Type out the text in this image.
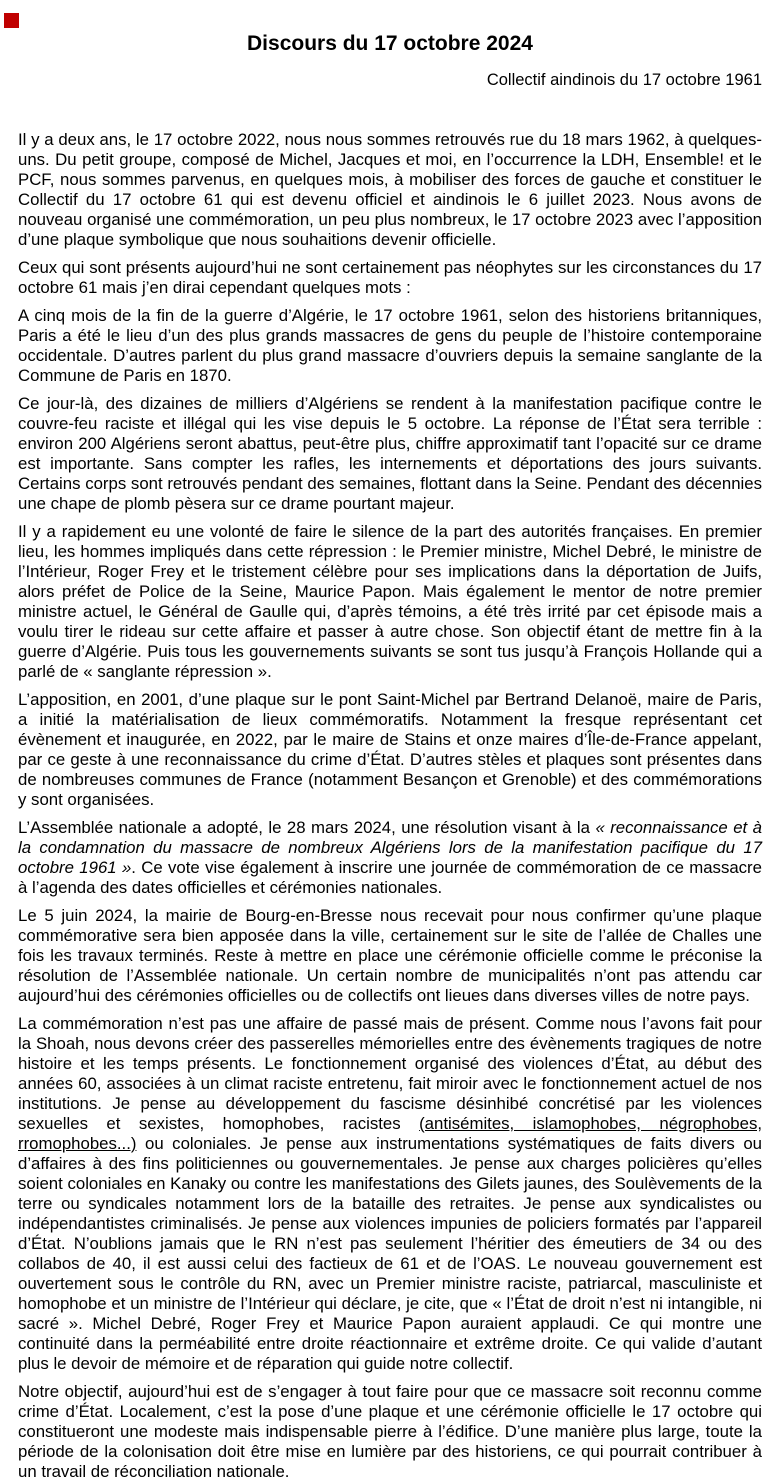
Discours du 17 octobre 2024
Collectif aindinois du 17 octobre 1961

Il y a deux ans, le 17 octobre 2022, nous nous sommes retrouvés rue du 18 mars 1962, à quelques-uns. Du petit groupe, composé de Michel, Jacques et moi, en l’occurrence la LDH, Ensemble! et le PCF, nous sommes parvenus, en quelques mois, à mobiliser des forces de gauche et constituer le Collectif du 17 octobre 61 qui est devenu officiel et aindinois le 6 juillet 2023. Nous avons de nouveau organisé une commémoration, un peu plus nombreux, le 17 octobre 2023 avec l’apposition d’une plaque symbolique que nous souhaitions devenir officielle.

Ceux qui sont présents aujourd’hui ne sont certainement pas néophytes sur les circonstances du 17 octobre 61 mais j’en dirai cependant quelques mots :

A cinq mois de la fin de la guerre d’Algérie, le 17 octobre 1961, selon des historiens britanniques, Paris a été le lieu d’un des plus grands massacres de gens du peuple de l’histoire contemporaine occidentale. D’autres parlent du plus grand massacre d’ouvriers depuis la semaine sanglante de la Commune de Paris en 1870.

Ce jour-là, des dizaines de milliers d’Algériens se rendent à la manifestation pacifique contre le couvre-feu raciste et illégal qui les vise depuis le 5 octobre. La réponse de l’État sera terrible : environ 200 Algériens seront abattus, peut-être plus, chiffre approximatif tant l’opacité sur ce drame est importante. Sans compter les rafles, les internements et déportations des jours suivants. Certains corps sont retrouvés pendant des semaines, flottant dans la Seine. Pendant des décennies une chape de plomb pèsera sur ce drame pourtant majeur.

Il y a rapidement eu une volonté de faire le silence de la part des autorités françaises. En premier lieu, les hommes impliqués dans cette répression : le Premier ministre, Michel Debré, le ministre de l’Intérieur, Roger Frey et le tristement célèbre pour ses implications dans la déportation de Juifs, alors préfet de Police de la Seine, Maurice Papon. Mais également le mentor de notre premier ministre actuel, le Général de Gaulle qui, d’après témoins, a été très irrité par cet épisode mais a voulu tirer le rideau sur cette affaire et passer à autre chose. Son objectif étant de mettre fin à la guerre d’Algérie. Puis tous les gouvernements suivants se sont tus jusqu’à François Hollande qui a parlé de « sanglante répression ».

L’apposition, en 2001, d’une plaque sur le pont Saint-Michel par Bertrand Delanoë, maire de Paris, a initié la matérialisation de lieux commémoratifs. Notamment la fresque représentant cet évènement et inaugurée, en 2022, par le maire de Stains et onze maires d’Île-de-France appelant, par ce geste à une reconnaissance du crime d’État. D’autres stèles et plaques sont présentes dans de nombreuses communes de France (notamment Besançon et Grenoble) et des commémorations y sont organisées.

L’Assemblée nationale a adopté, le 28 mars 2024, une résolution visant à la « reconnaissance et à la condamnation du massacre de nombreux Algériens lors de la manifestation pacifique du 17 octobre 1961 ». Ce vote vise également à inscrire une journée de commémoration de ce massacre à l’agenda des dates officielles et cérémonies nationales.

Le 5 juin 2024, la mairie de Bourg-en-Bresse nous recevait pour nous confirmer qu’une plaque commémorative sera bien apposée dans la ville, certainement sur le site de l’allée de Challes une fois les travaux terminés. Reste à mettre en place une cérémonie officielle comme le préconise la résolution de l’Assemblée nationale. Un certain nombre de municipalités n’ont pas attendu car aujourd’hui des cérémonies officielles ou de collectifs ont lieues dans diverses villes de notre pays.

La commémoration n’est pas une affaire de passé mais de présent. Comme nous l’avons fait pour la Shoah, nous devons créer des passerelles mémorielles entre des évènements tragiques de notre histoire et les temps présents. Le fonctionnement organisé des violences d’État, au début des années 60, associées à un climat raciste entretenu, fait miroir avec le fonctionnement actuel de nos institutions. Je pense au développement du fascisme désinhibé concrétisé par les violences sexuelles et sexistes, homophobes, racistes (antisémites, islamophobes, négrophobes, rromophobes...) ou coloniales. Je pense aux instrumentations systématiques de faits divers ou d’affaires à des fins politiciennes ou gouvernementales. Je pense aux charges policières qu’elles soient coloniales en Kanaky ou contre les manifestations des Gilets jaunes, des Soulèvements de la terre ou syndicales notamment lors de la bataille des retraites. Je pense aux syndicalistes ou indépendantistes criminalisés. Je pense aux violences impunies de policiers formatés par l’appareil d’État. N’oublions jamais que le RN n’est pas seulement l’héritier des émeutiers de 34 ou des collabos de 40, il est aussi celui des factieux de 61 et de l’OAS. Le nouveau gouvernement est ouvertement sous le contrôle du RN, avec un Premier ministre raciste, patriarcal, masculiniste et homophobe et un ministre de l’Intérieur qui déclare, je cite, que « l’État de droit n’est ni intangible, ni sacré ». Michel Debré, Roger Frey et Maurice Papon auraient applaudi. Ce qui montre une continuité dans la perméabilité entre droite réactionnaire et extrême droite. Ce qui valide d’autant plus le devoir de mémoire et de réparation qui guide notre collectif.

Notre objectif, aujourd’hui est de s’engager à tout faire pour que ce massacre soit reconnu comme crime d’État. Localement, c’est la pose d’une plaque et une cérémonie officielle le 17 octobre qui constitueront une modeste mais indispensable pierre à l’édifice. D’une manière plus large, toute la période de la colonisation doit être mise en lumière par des historiens, ce qui pourrait contribuer à un travail de réconciliation nationale.
